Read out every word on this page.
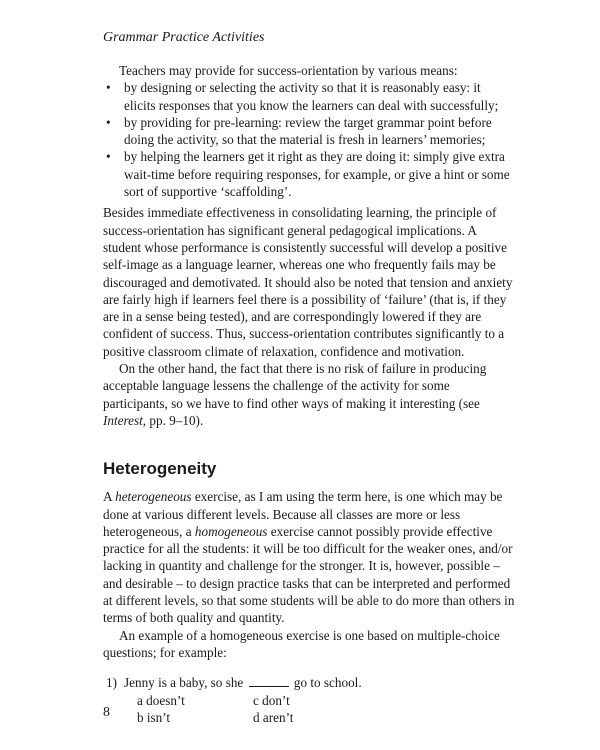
Grammar Practice Activities

Teachers may provide for success-orientation by various means:

• by designing or selecting the activity so that it is reasonably easy: it elicits responses that you know the learners can deal with successfully;
• by providing for pre-learning: review the target grammar point before doing the activity, so that the material is fresh in learners’ memories;
• by helping the learners get it right as they are doing it: simply give extra wait-time before requiring responses, for example, or give a hint or some sort of supportive ‘scaffolding’.

Besides immediate effectiveness in consolidating learning, the principle of success-orientation has significant general pedagogical implications. A student whose performance is consistently successful will develop a positive self-image as a language learner, whereas one who frequently fails may be discouraged and demotivated. It should also be noted that tension and anxiety are fairly high if learners feel there is a possibility of ‘failure’ (that is, if they are in a sense being tested), and are correspondingly lowered if they are confident of success. Thus, success-orientation contributes significantly to a positive classroom climate of relaxation, confidence and motivation.

On the other hand, the fact that there is no risk of failure in producing acceptable language lessens the challenge of the activity for some participants, so we have to find other ways of making it interesting (see Interest, pp. 9–10).

Heterogeneity

A heterogeneous exercise, as I am using the term here, is one which may be done at various different levels. Because all classes are more or less heterogeneous, a homogeneous exercise cannot possibly provide effective practice for all the students: it will be too difficult for the weaker ones, and/or lacking in quantity and challenge for the stronger. It is, however, possible – and desirable – to design practice tasks that can be interpreted and performed at different levels, so that some students will be able to do more than others in terms of both quality and quantity.

An example of a homogeneous exercise is one based on multiple-choice questions; for example:

1) Jenny is a baby, so she	go to school.
a doesn’t	c don’t
b isn’t	d aren’t
8
